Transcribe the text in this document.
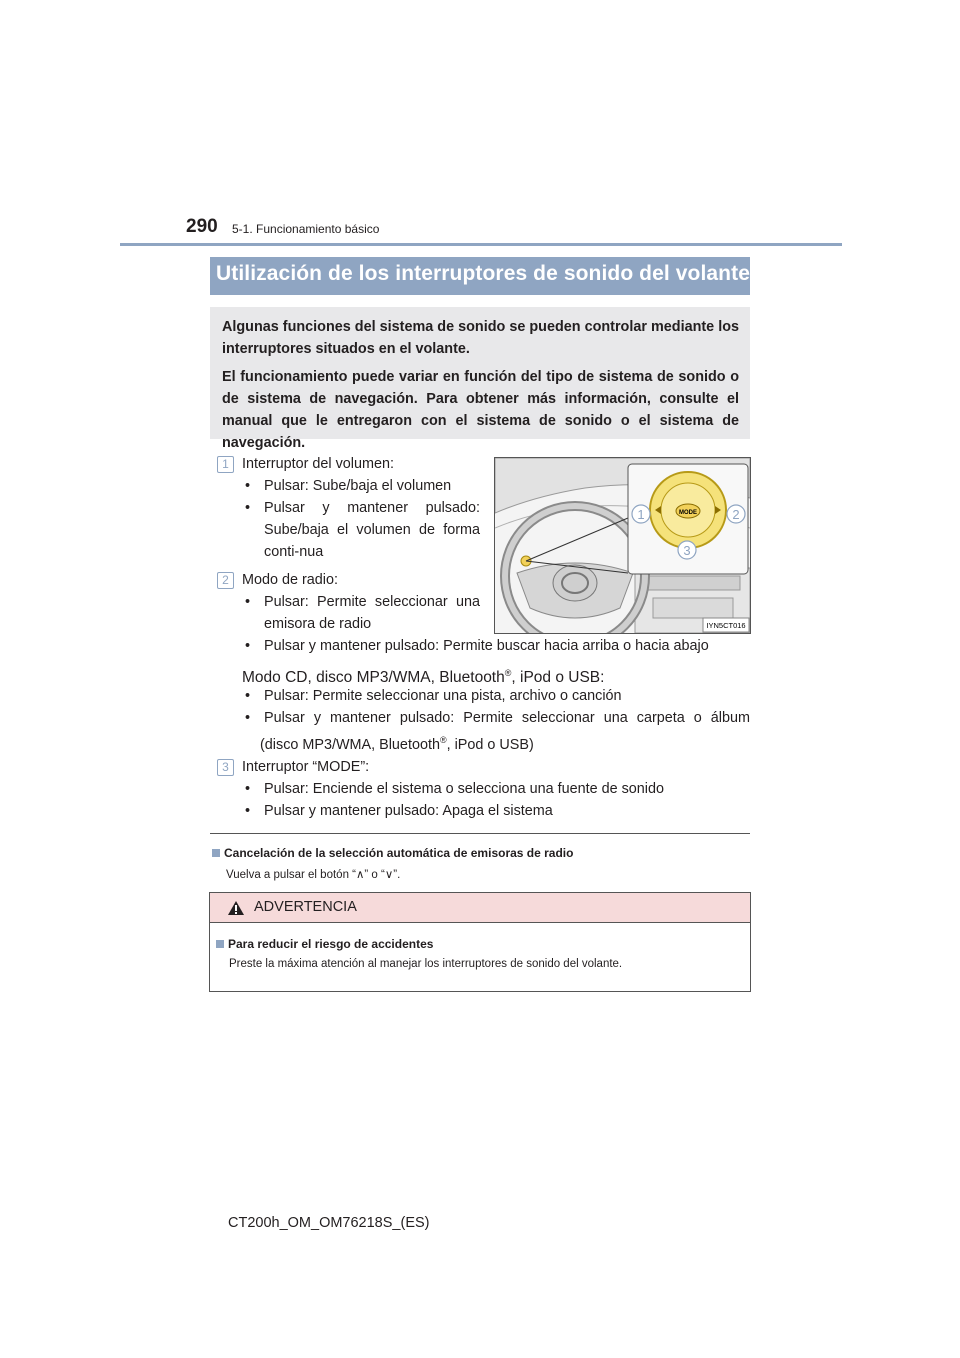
290 5-1. Funcionamiento básico
Utilización de los interruptores de sonido del volante
Algunas funciones del sistema de sonido se pueden controlar mediante los interruptores situados en el volante.
El funcionamiento puede variar en función del tipo de sistema de sonido o de sistema de navegación. Para obtener más información, consulte el manual que le entregaron con el sistema de sonido o el sistema de navegación.
1 Interruptor del volumen:
• Pulsar: Sube/baja el volumen
• Pulsar y mantener pulsado: Sube/baja el volumen de forma conti-nua
2 Modo de radio:
• Pulsar: Permite seleccionar una emisora de radio
• Pulsar y mantener pulsado: Permite buscar hacia arriba o hacia abajo
Modo CD, disco MP3/WMA, Bluetooth®, iPod o USB:
• Pulsar: Permite seleccionar una pista, archivo o canción
• Pulsar y mantener pulsado: Permite seleccionar una carpeta o álbum
(disco MP3/WMA, Bluetooth®, iPod o USB)
3 Interruptor “MODE”:
• Pulsar: Enciende el sistema o selecciona una fuente de sonido
• Pulsar y mantener pulsado: Apaga el sistema
MODE
1	2
3
IYN5CT016
Cancelación de la selección automática de emisoras de radio
Vuelva a pulsar el botón “∧” o “∨”.
ADVERTENCIA
Para reducir el riesgo de accidentes
Preste la máxima atención al manejar los interruptores de sonido del volante.
CT200h_OM_OM76218S_(ES)
